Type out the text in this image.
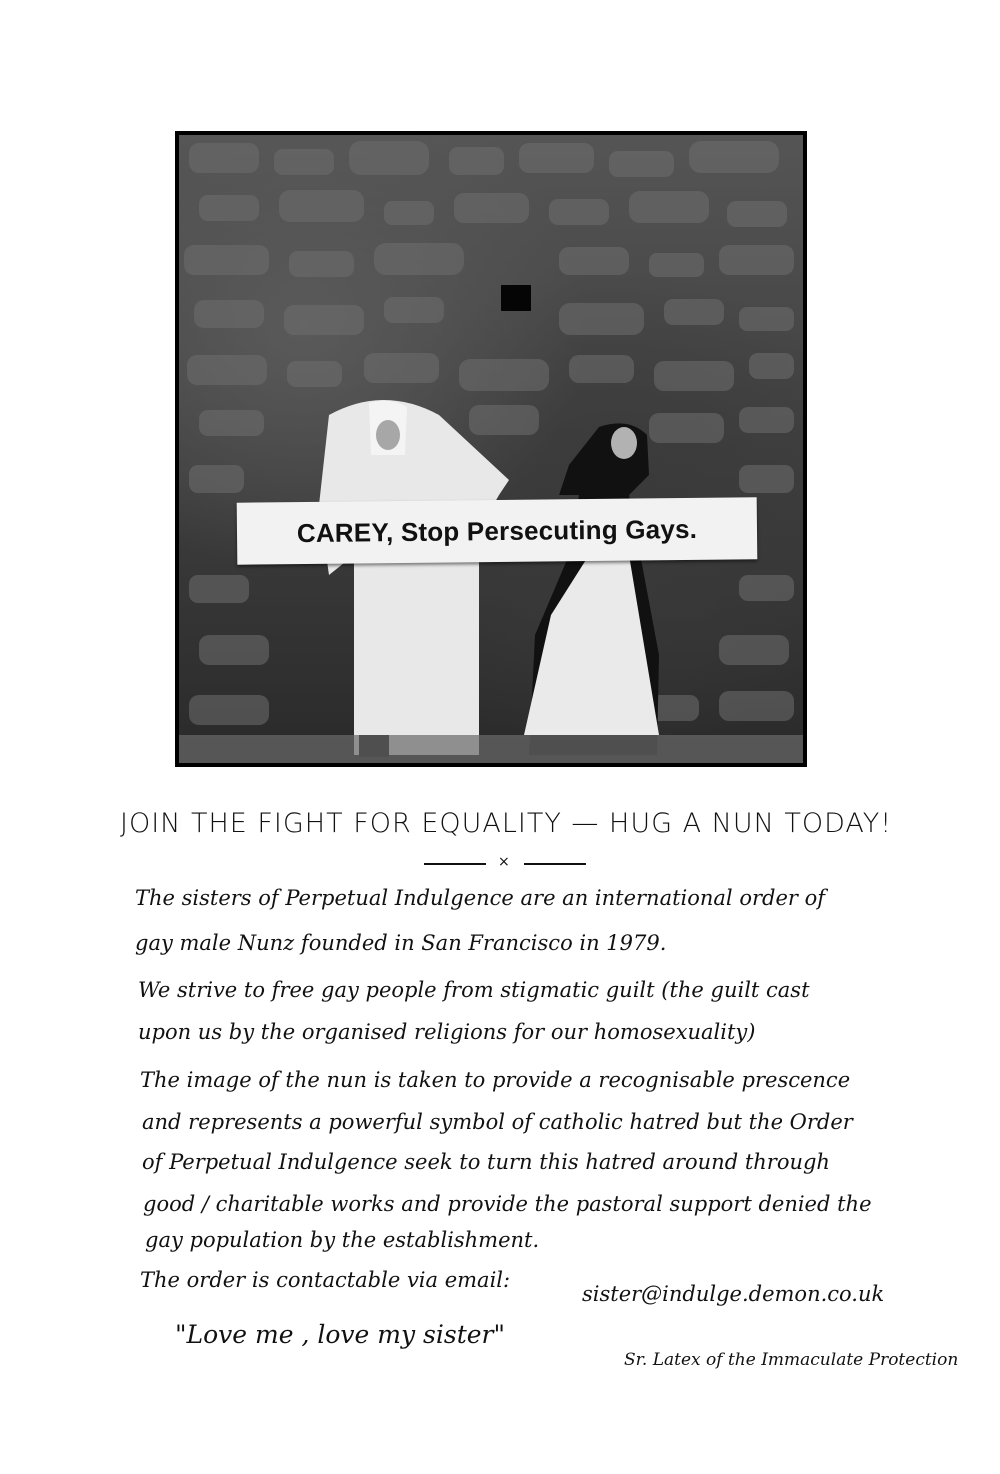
CAREY, Stop Persecuting Gays.
JOIN THE FIGHT FOR EQUALITY — HUG A NUN TODAY!
×
The sisters of Perpetual Indulgence are an international order of
gay male Nunz founded in San Francisco in 1979.
We strive to free gay people from stigmatic guilt (the guilt cast
upon us by the organised religions for our homosexuality)
The image of the nun is taken to provide a recognisable prescence
and represents a powerful symbol of catholic hatred but the Order
of Perpetual Indulgence seek to turn this hatred around through
good / charitable works and provide the pastoral support denied the
gay population by the establishment.
The order is contactable via email:
sister@indulge.demon.co.uk
"Love me , love my sister"
Sr. Latex of the Immaculate Protection
